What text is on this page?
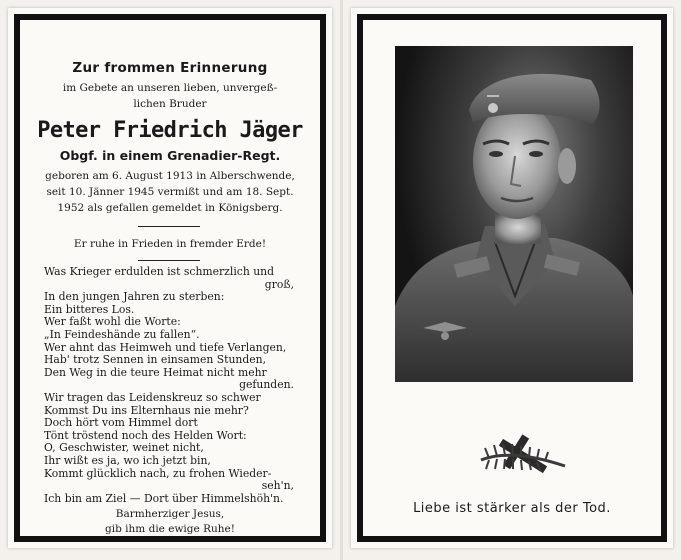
Zur frommen Erinnerung
im Gebete an unseren lieben, unvergeß-
lichen Bruder
Peter Friedrich Jäger
Obgf. in einem Grenadier-Regt.
geboren am 6. August 1913 in Alberschwende,
seit 10. Jänner 1945 vermißt und am 18. Sept.
1952 als gefallen gemeldet in Königsberg.
Er ruhe in Frieden in fremder Erde!
Was Krieger erdulden ist schmerzlich und
groß,
In den jungen Jahren zu sterben:
Ein bitteres Los.
Wer faßt wohl die Worte:
„In Feindeshände zu fallen“.
Wer ahnt das Heimweh und tiefe Verlangen,
Hab' trotz Sennen in einsamen Stunden,
Den Weg in die teure Heimat nicht mehr
gefunden.
Wir tragen das Leidenskreuz so schwer
Kommst Du ins Elternhaus nie mehr?
Doch hört vom Himmel dort
Tönt tröstend noch des Helden Wort:
O, Geschwister, weinet nicht,
Ihr wißt es ja, wo ich jetzt bin,
Kommt glücklich nach, zu frohen Wieder-
seh'n,
Ich bin am Ziel — Dort über Himmelshöh'n.
Barmherziger Jesus,
gib ihm die ewige Ruhe!
Liebe ist stärker als der Tod.
